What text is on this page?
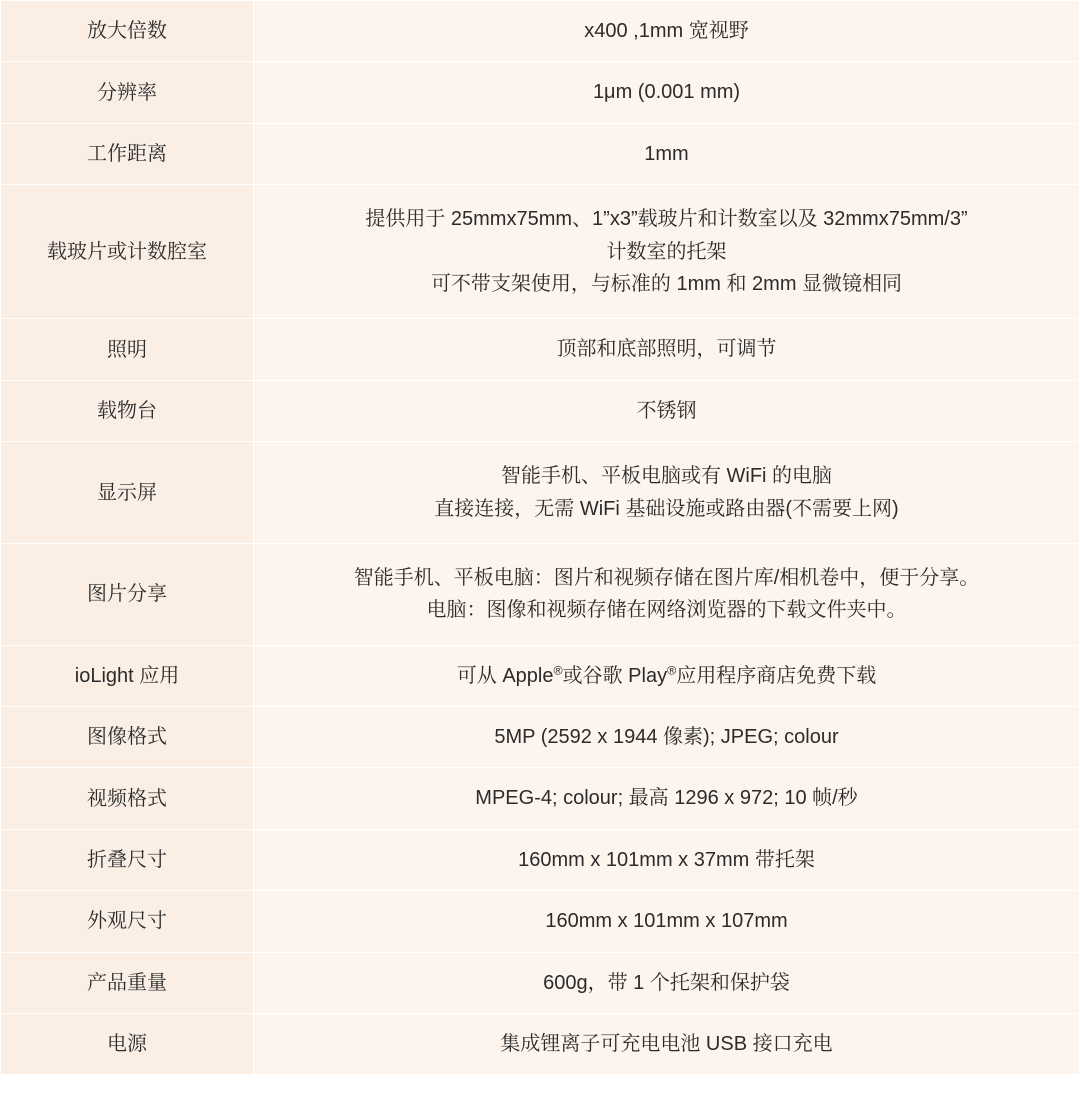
放大倍数	x400 ,1mm 宽视野

分辨率	1μm (0.001 mm)

工作距离	1mm

载玻片或计数腔室	提供用于 25mmx75mm、1”x3”载玻片和计数室以及 32mmx75mm/3”
计数室的托架
可不带支架使用，与标准的 1mm 和 2mm 显微镜相同

照明	顶部和底部照明，可调节

载物台	不锈钢

显示屏	智能手机、平板电脑或有 WiFi 的电脑
直接连接，无需 WiFi 基础设施或路由器(不需要上网)

图片分享	智能手机、平板电脑：图片和视频存储在图片库/相机卷中，便于分享。
电脑：图像和视频存储在网络浏览器的下载文件夹中。

ioLight 应用	可从 Apple®或谷歌 Play®应用程序商店免费下载

图像格式	5MP (2592 x 1944 像素); JPEG; colour

视频格式	MPEG-4; colour; 最高 1296 x 972; 10 帧/秒

折叠尺寸	160mm x 101mm x 37mm 带托架

外观尺寸	160mm x 101mm x 107mm

产品重量	600g，带 1 个托架和保护袋

电源	集成锂离子可充电电池 USB 接口充电
